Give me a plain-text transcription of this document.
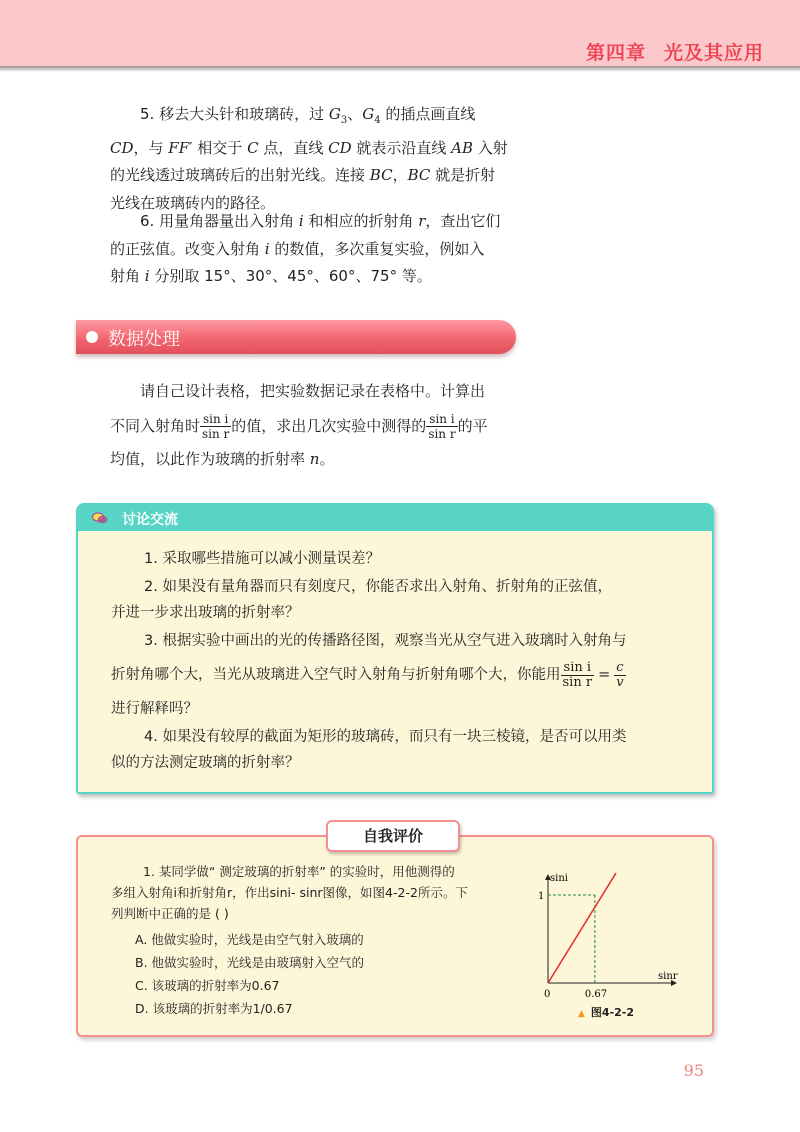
第四章 光及其应用
5. 移去大头针和玻璃砖，过 $G_3$、$G_4$ 的插点画直线
CD，与 FF′ 相交于 C 点，直线 CD 就表示沿直线 AB 入射
的光线透过玻璃砖后的出射光线。连接 BC，BC 就是折射
光线在玻璃砖内的路径。
6. 用量角器量出入射角 i 和相应的折射角 r，查出它们
的正弦值。改变入射角 i 的数值，多次重复实验，例如入
射角 i 分别取 15°、30°、45°、60°、75° 等。
数据处理
请自己设计表格，把实验数据记录在表格中。计算出
不同入射角时 $\frac{\text{sin i}}{\text{sin r}}$ 的值，求出几次实验中测得的 $\frac{\text{sin i}}{\text{sin r}}$ 的平
均值，以此作为玻璃的折射率 n。
讨论交流
1. 采取哪些措施可以减小测量误差？
2. 如果没有量角器而只有刻度尺，你能否求出入射角、折射角的正弦值，
并进一步求出玻璃的折射率？
3. 根据实验中画出的光的传播路径图，观察当光从空气进入玻璃时入射角与
折射角哪个大，当光从玻璃进入空气时入射角与折射角哪个大，你能用 $\frac{\text{sin i}}{\text{sin r}} = \frac{c}{v}$
进行解释吗？
4. 如果没有较厚的截面为矩形的玻璃砖，而只有一块三棱镜，是否可以用类
似的方法测定玻璃的折射率？
1. 某同学做“ 测定玻璃的折射率” 的实验时，用他测得的
多组入射角i和折射角r，作出sini- sinr图像，如图4-2-2所示。下
列判断中正确的是 ( )
A. 他做实验时，光线是由空气射入玻璃的
B. 他做实验时，光线是由玻璃射入空气的
C. 该玻璃的折射率为0.67
D. 该玻璃的折射率为1/0.67
sini
sinr
1
0.67
0
自我评价
▲ 图4-2-2
95
